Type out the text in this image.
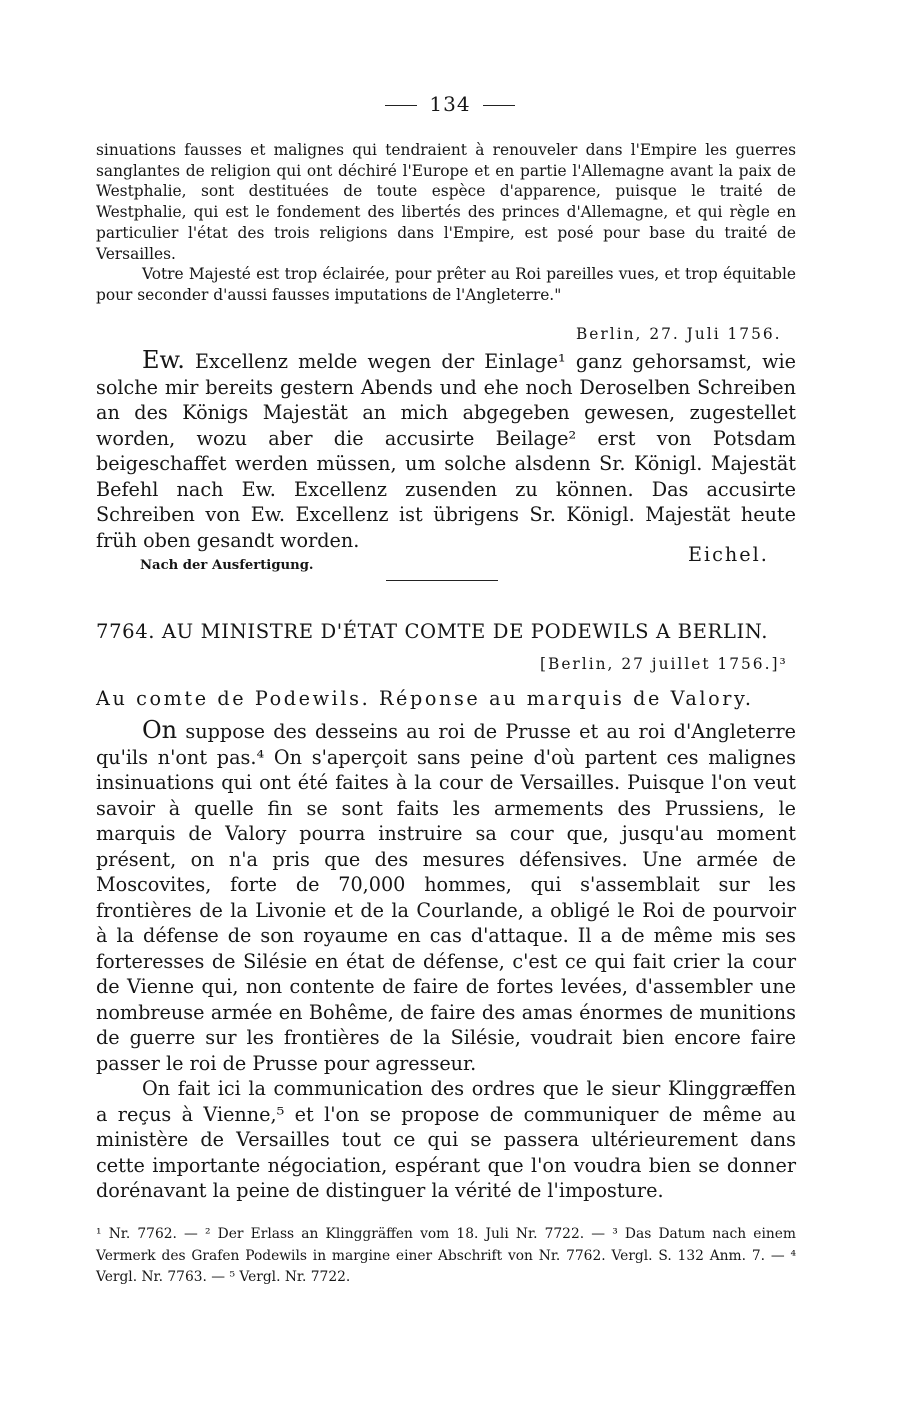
134
sinuations fausses et malignes qui tendraient à renouveler dans l'Empire les guerres sanglantes de religion qui ont déchiré l'Europe et en partie l'Allemagne avant la paix de Westphalie, sont destituées de toute espèce d'apparence, puisque le traité de Westphalie, qui est le fondement des libertés des princes d'Allemagne, et qui règle en particulier l'état des trois religions dans l'Empire, est posé pour base du traité de Versailles.
Votre Majesté est trop éclairée, pour prêter au Roi pareilles vues, et trop équitable pour seconder d'aussi fausses imputations de l'Angleterre."
Berlin, 27. Juli 1756.
Ew. Excellenz melde wegen der Einlage¹ ganz gehorsamst, wie solche mir bereits gestern Abends und ehe noch Deroselben Schreiben an des Königs Majestät an mich abgegeben gewesen, zugestellet worden, wozu aber die accusirte Beilage² erst von Potsdam beigeschaffet werden müssen, um solche alsdenn Sr. Königl. Majestät Befehl nach Ew. Excellenz zusenden zu können. Das accusirte Schreiben von Ew. Excellenz ist übrigens Sr. Königl. Majestät heute früh oben gesandt worden.
Eichel.
Nach der Ausfertigung.
7764. AU MINISTRE D'ÉTAT COMTE DE PODEWILS A BERLIN.
[Berlin, 27 juillet 1756.]³
Au comte de Podewils. Réponse au marquis de Valory.
On suppose des desseins au roi de Prusse et au roi d'Angleterre qu'ils n'ont pas.⁴ On s'aperçoit sans peine d'où partent ces malignes insinuations qui ont été faites à la cour de Versailles. Puisque l'on veut savoir à quelle fin se sont faits les armements des Prussiens, le marquis de Valory pourra instruire sa cour que, jusqu'au moment présent, on n'a pris que des mesures défensives. Une armée de Moscovites, forte de 70,000 hommes, qui s'assemblait sur les frontières de la Livonie et de la Courlande, a obligé le Roi de pourvoir à la défense de son royaume en cas d'attaque. Il a de même mis ses forteresses de Silésie en état de défense, c'est ce qui fait crier la cour de Vienne qui, non contente de faire de fortes levées, d'assembler une nombreuse armée en Bohême, de faire des amas énormes de munitions de guerre sur les frontières de la Silésie, voudrait bien encore faire passer le roi de Prusse pour agresseur.
On fait ici la communication des ordres que le sieur Klinggræffen a reçus à Vienne,⁵ et l'on se propose de communiquer de même au ministère de Versailles tout ce qui se passera ultérieurement dans cette importante négociation, espérant que l'on voudra bien se donner dorénavant la peine de distinguer la vérité de l'imposture.
¹ Nr. 7762. — ² Der Erlass an Klinggräffen vom 18. Juli Nr. 7722. — ³ Das Datum nach einem Vermerk des Grafen Podewils in margine einer Abschrift von Nr. 7762. Vergl. S. 132 Anm. 7. — ⁴ Vergl. Nr. 7763. — ⁵ Vergl. Nr. 7722.
